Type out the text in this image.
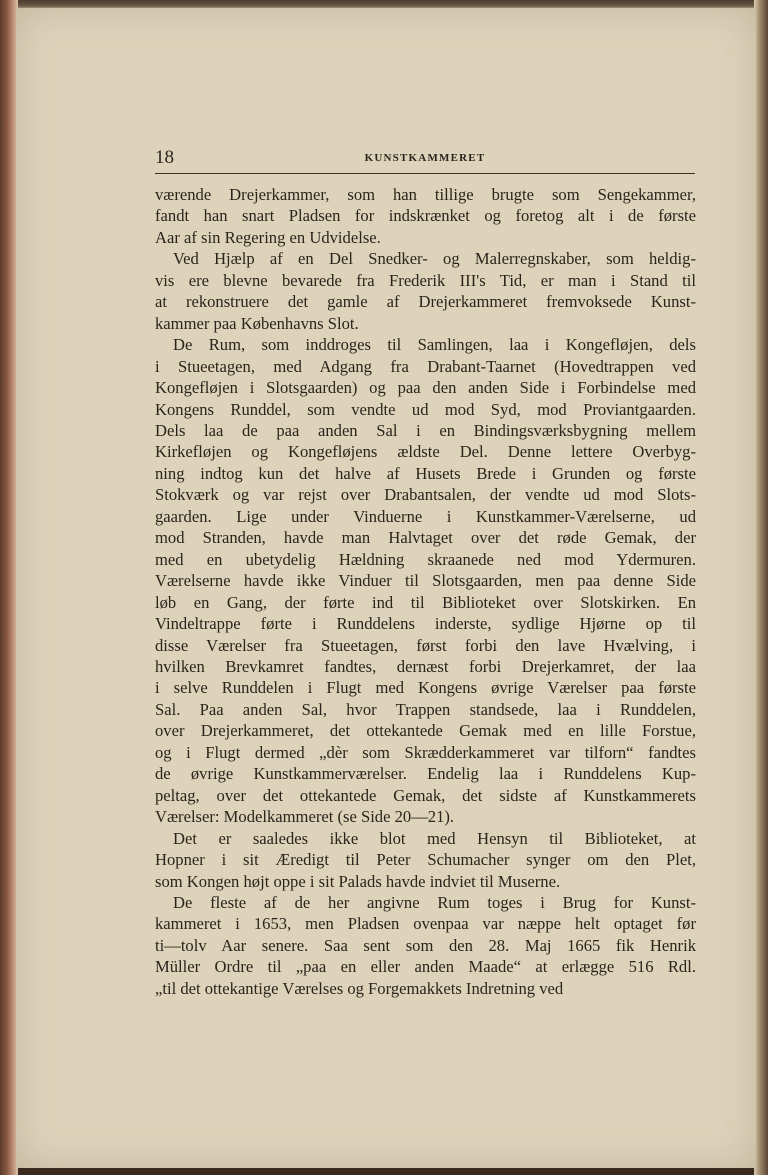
18	KUNSTKAMMERET

værende Drejerkammer, som han tillige brugte som Sengekammer,
fandt han snart Pladsen for indskrænket og foretog alt i de første
Aar af sin Regering en Udvidelse.

Ved Hjælp af en Del Snedker- og Malerregnskaber, som heldig-
vis ere blevne bevarede fra Frederik III's Tid, er man i Stand til
at rekonstruere det gamle af Drejerkammeret fremvoksede Kunst-
kammer paa Københavns Slot.

De Rum, som inddroges til Samlingen, laa i Kongefløjen, dels
i Stueetagen, med Adgang fra Drabant-Taarnet (Hovedtrappen ved
Kongefløjen i Slotsgaarden) og paa den anden Side i Forbindelse med
Kongens Runddel, som vendte ud mod Syd, mod Proviantgaarden.
Dels laa de paa anden Sal i en Bindingsværksbygning mellem
Kirkefløjen og Kongefløjens ældste Del. Denne lettere Overbyg-
ning indtog kun det halve af Husets Brede i Grunden og første
Stokværk og var rejst over Drabantsalen, der vendte ud mod Slots-
gaarden. Lige under Vinduerne i Kunstkammer-Værelserne, ud
mod Stranden, havde man Halvtaget over det røde Gemak, der
med en ubetydelig Hældning skraanede ned mod Ydermuren.
Værelserne havde ikke Vinduer til Slotsgaarden, men paa denne Side
løb en Gang, der førte ind til Biblioteket over Slotskirken. En
Vindeltrappe førte i Runddelens inderste, sydlige Hjørne op til
disse Værelser fra Stueetagen, først forbi den lave Hvælving, i
hvilken Brevkamret fandtes, dernæst forbi Drejerkamret, der laa
i selve Runddelen i Flugt med Kongens øvrige Værelser paa første
Sal. Paa anden Sal, hvor Trappen standsede, laa i Runddelen,
over Drejerkammeret, det ottekantede Gemak med en lille Forstue,
og i Flugt dermed „dèr som Skrædderkammeret var tilforn“ fandtes
de øvrige Kunstkammerværelser. Endelig laa i Runddelens Kup-
peltag, over det ottekantede Gemak, det sidste af Kunstkammerets
Værelser: Modelkammeret (se Side 20—21).

Det er saaledes ikke blot med Hensyn til Biblioteket, at
Hopner i sit Æredigt til Peter Schumacher synger om den Plet,
som Kongen højt oppe i sit Palads havde indviet til Muserne.

De fleste af de her angivne Rum toges i Brug for Kunst-
kammeret i 1653, men Pladsen ovenpaa var næppe helt optaget før
ti—tolv Aar senere. Saa sent som den 28. Maj 1665 fik Henrik
Müller Ordre til „paa en eller anden Maade“ at erlægge 516 Rdl.
„til det ottekantige Værelses og Forgemakkets Indretning ved
